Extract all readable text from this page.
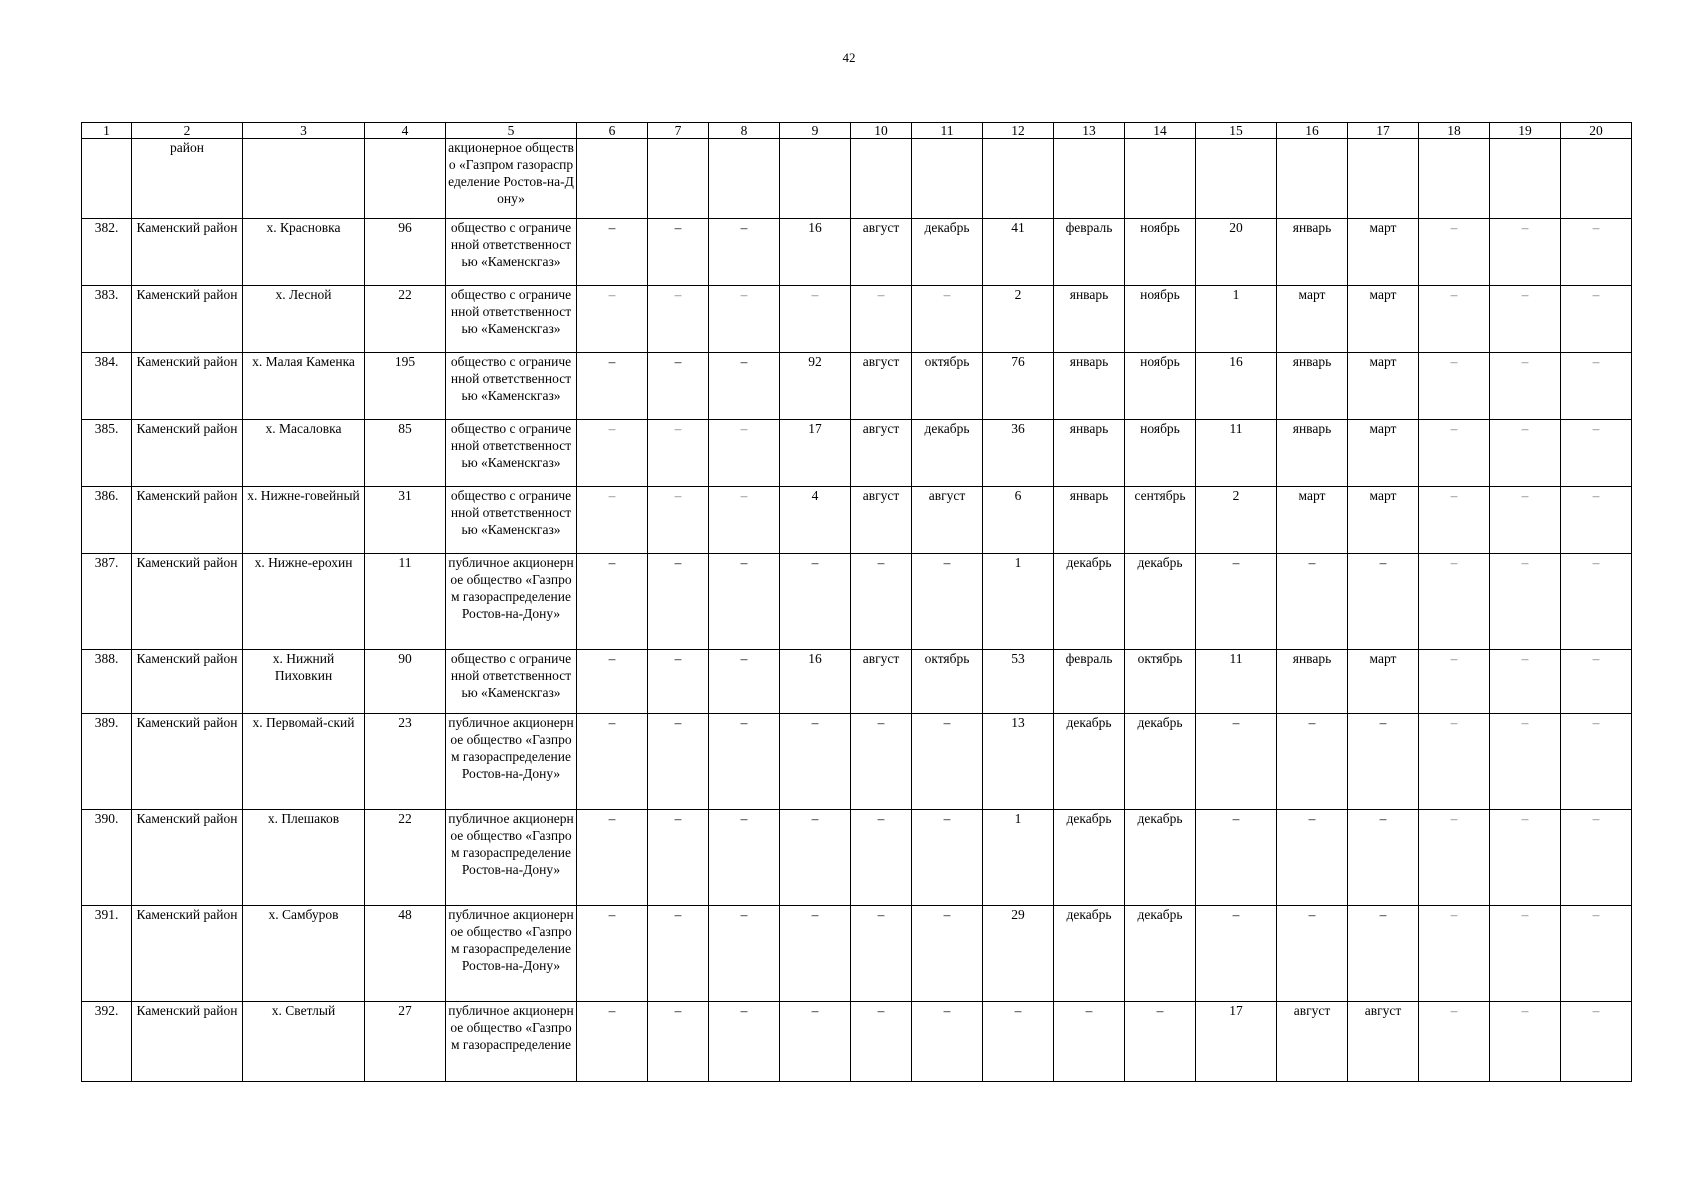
42
1	2	3	4	5	6	7	8	9	10	11	12	13	14	15	16	17	18	19	20
	район			акционерное общество «Газпром газораспределение Ростов-на-Дону»															
382.	Каменский район	х. Красновка	96	общество с ограниченной ответственностью «Каменскгаз»	–	–	–	16	август	декабрь	41	февраль	ноябрь	20	январь	март	–	–	–
383.	Каменский район	х. Лесной	22	общество с ограниченной ответственностью «Каменскгаз»	–	–	–	–	–	–	2	январь	ноябрь	1	март	март	–	–	–
384.	Каменский район	х. Малая Каменка	195	общество с ограниченной ответственностью «Каменскгаз»	–	–	–	92	август	октябрь	76	январь	ноябрь	16	январь	март	–	–	–
385.	Каменский район	х. Масаловка	85	общество с ограниченной ответственностью «Каменскгаз»	–	–	–	17	август	декабрь	36	январь	ноябрь	11	январь	март	–	–	–
386.	Каменский район	х. Нижне-говейный	31	общество с ограниченной ответственностью «Каменскгаз»	–	–	–	4	август	август	6	январь	сентябрь	2	март	март	–	–	–
387.	Каменский район	х. Нижне-ерохин	11	публичное акционерное общество «Газпром газораспределение Ростов-на-Дону»	–	–	–	–	–	–	1	декабрь	декабрь	–	–	–	–	–	–
388.	Каменский район	х. Нижний Пиховкин	90	общество с ограниченной ответственностью «Каменскгаз»	–	–	–	16	август	октябрь	53	февраль	октябрь	11	январь	март	–	–	–
389.	Каменский район	х. Первомай-ский	23	публичное акционерное общество «Газпром газораспределение Ростов-на-Дону»	–	–	–	–	–	–	13	декабрь	декабрь	–	–	–	–	–	–
390.	Каменский район	х. Плешаков	22	публичное акционерное общество «Газпром газораспределение Ростов-на-Дону»	–	–	–	–	–	–	1	декабрь	декабрь	–	–	–	–	–	–
391.	Каменский район	х. Самбуров	48	публичное акционерное общество «Газпром газораспределение Ростов-на-Дону»	–	–	–	–	–	–	29	декабрь	декабрь	–	–	–	–	–	–
392.	Каменский район	х. Светлый	27	публичное акционерное общество «Газпром газораспределение	–	–	–	–	–	–	–	–	–	17	август	август	–	–	–
